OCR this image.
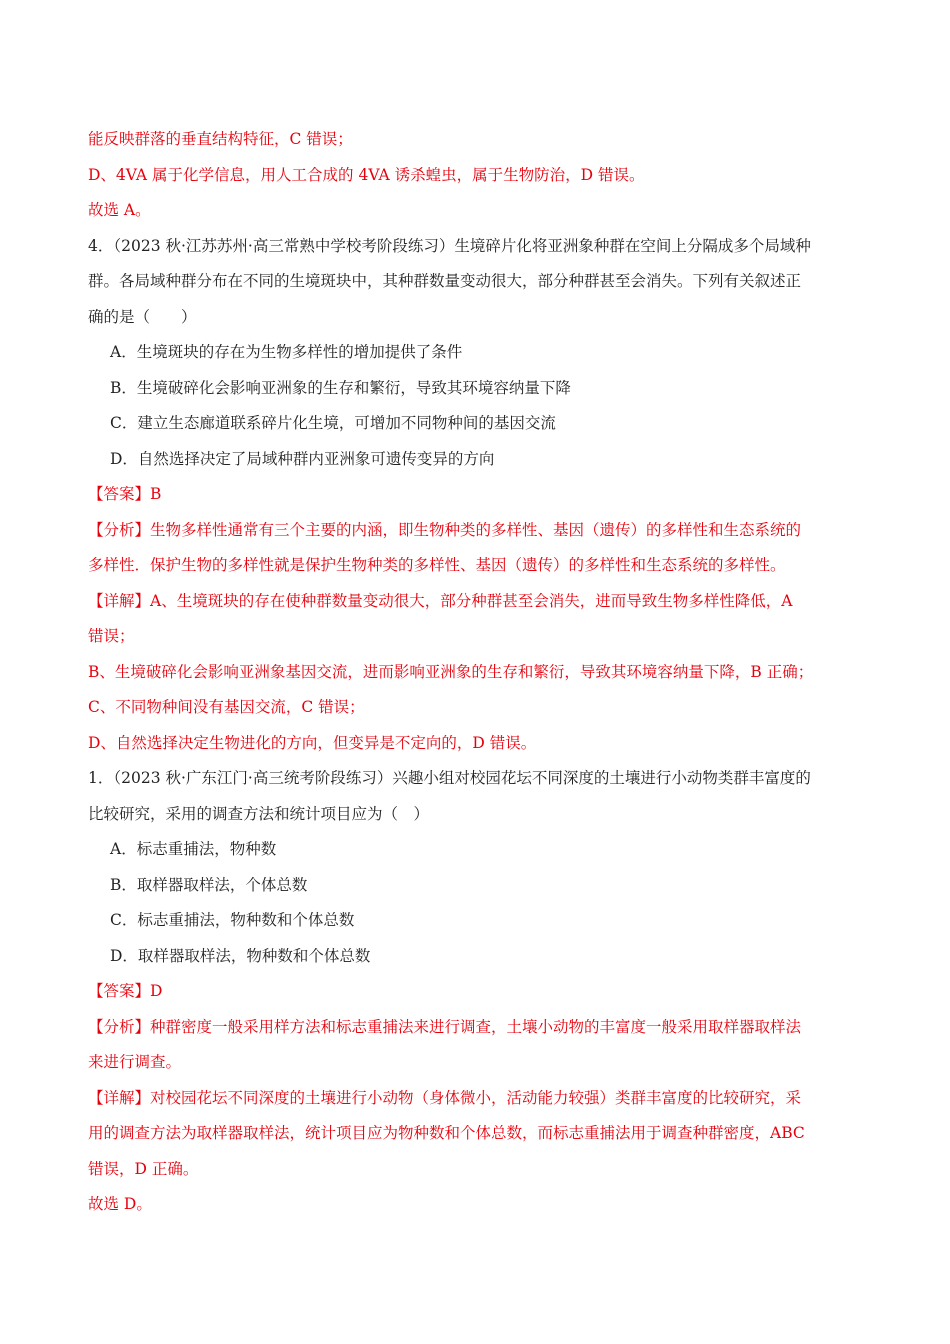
能反映群落的垂直结构特征，C 错误；
D、4VA 属于化学信息，用人工合成的 4VA 诱杀蝗虫，属于生物防治，D 错误。
故选 A。
4．（2023 秋·江苏苏州·高三常熟中学校考阶段练习）生境碎片化将亚洲象种群在空间上分隔成多个局域种
群。各局域种群分布在不同的生境斑块中，其种群数量变动很大，部分种群甚至会消失。下列有关叙述正
确的是（　　）
A．生境斑块的存在为生物多样性的增加提供了条件
B．生境破碎化会影响亚洲象的生存和繁衍，导致其环境容纳量下降
C．建立生态廊道联系碎片化生境，可增加不同物种间的基因交流
D．自然选择决定了局域种群内亚洲象可遗传变异的方向
【答案】B
【分析】生物多样性通常有三个主要的内涵，即生物种类的多样性、基因（遗传）的多样性和生态系统的
多样性．保护生物的多样性就是保护生物种类的多样性、基因（遗传）的多样性和生态系统的多样性。
【详解】A、生境斑块的存在使种群数量变动很大，部分种群甚至会消失，进而导致生物多样性降低，A
错误；
B、生境破碎化会影响亚洲象基因交流，进而影响亚洲象的生存和繁衍，导致其环境容纳量下降，B 正确；
C、不同物种间没有基因交流，C 错误；
D、自然选择决定生物进化的方向，但变异是不定向的，D 错误。
1．（2023 秋·广东江门·高三统考阶段练习）兴趣小组对校园花坛不同深度的土壤进行小动物类群丰富度的
比较研究，采用的调查方法和统计项目应为（　）
A．标志重捕法，物种数
B．取样器取样法，个体总数
C．标志重捕法，物种数和个体总数
D．取样器取样法，物种数和个体总数
【答案】D
【分析】种群密度一般采用样方法和标志重捕法来进行调查，土壤小动物的丰富度一般采用取样器取样法
来进行调查。
【详解】对校园花坛不同深度的土壤进行小动物（身体微小，活动能力较强）类群丰富度的比较研究，采
用的调查方法为取样器取样法，统计项目应为物种数和个体总数，而标志重捕法用于调查种群密度，ABC
错误，D 正确。
故选 D。
